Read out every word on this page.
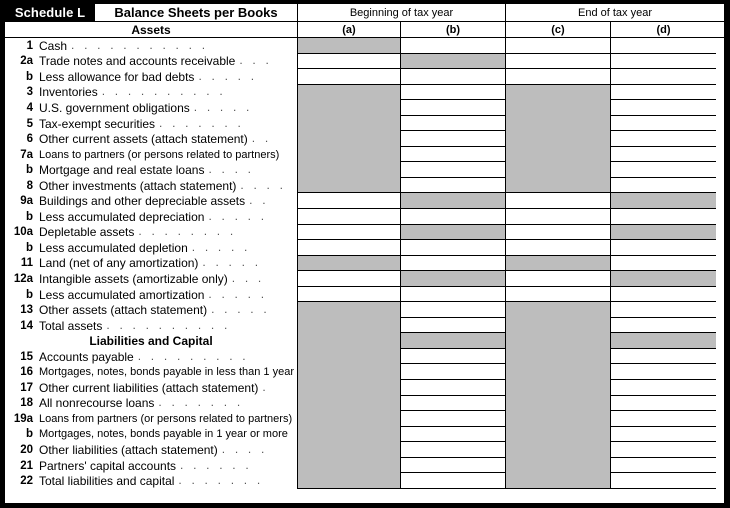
Schedule L	Balance Sheets per Books	Beginning of tax year	End of tax year
Assets	(a)	(b)	(c)	(d)
1 Cash . . . . . . . . . . .
2a Trade notes and accounts receivable . . .
b Less allowance for bad debts . . . . .
3 Inventories . . . . . . . . . .
4 U.S. government obligations . . . . .
5 Tax-exempt securities . . . . . . .
6 Other current assets (attach statement) . .
7a Loans to partners (or persons related to partners)
b Mortgage and real estate loans . . . .
8 Other investments (attach statement) . . . .
9a Buildings and other depreciable assets . .
b Less accumulated depreciation . . . . .
10a Depletable assets . . . . . . . .
b Less accumulated depletion . . . . .
11 Land (net of any amortization) . . . . .
12a Intangible assets (amortizable only) . . .
b Less accumulated amortization . . . . .
13 Other assets (attach statement) . . . . .
14 Total assets . . . . . . . . . .
Liabilities and Capital
15 Accounts payable . . . . . . . . .
16 Mortgages, notes, bonds payable in less than 1 year
17 Other current liabilities (attach statement) .
18 All nonrecourse loans . . . . . . .
19a Loans from partners (or persons related to partners)
b Mortgages, notes, bonds payable in 1 year or more
20 Other liabilities (attach statement) . . . .
21 Partners' capital accounts . . . . . .
22 Total liabilities and capital . . . . . . .
